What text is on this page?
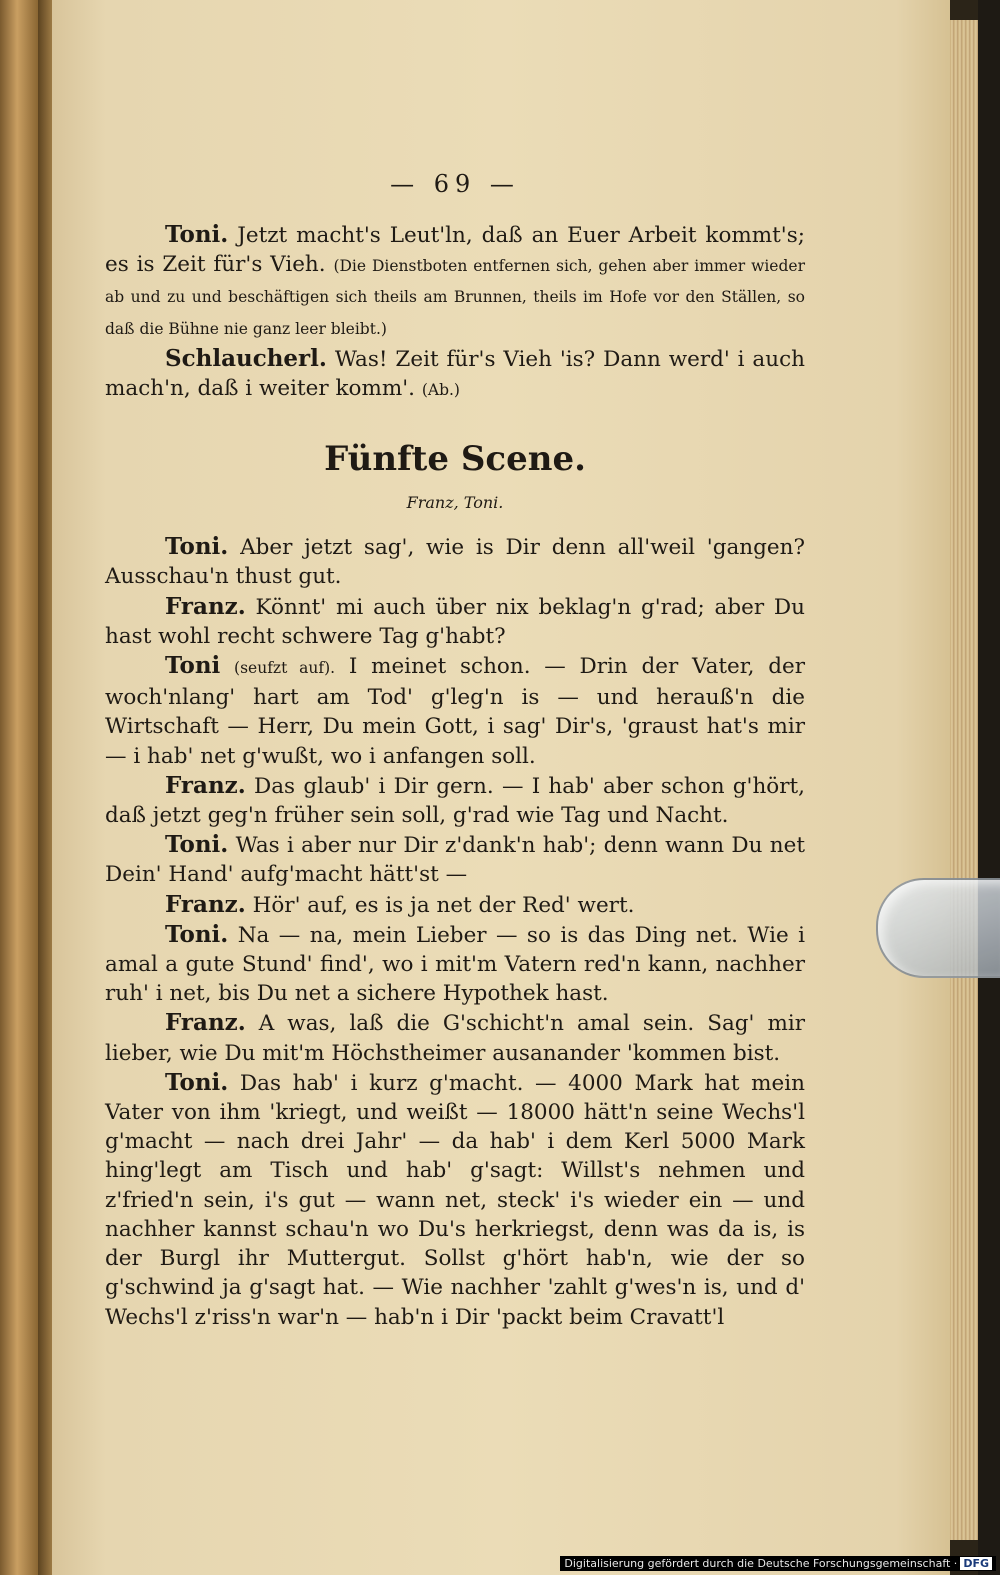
— 69 —

Toni. Jetzt macht's Leut'ln, daß an Euer Arbeit kommt's; es is Zeit für's Vieh. (Die Dienstboten entfernen sich, gehen aber immer wieder ab und zu und beschäftigen sich theils am Brunnen, theils im Hofe vor den Ställen, so daß die Bühne nie ganz leer bleibt.)

Schlaucherl. Was! Zeit für's Vieh 'is? Dann werd' i auch mach'n, daß i weiter komm'. (Ab.)

Fünfte Scene.
Franz, Toni.

Toni. Aber jetzt sag', wie is Dir denn all'weil 'gangen? Ausschau'n thust gut.

Franz. Könnt' mi auch über nix beklag'n g'rad; aber Du hast wohl recht schwere Tag g'habt?

Toni (seufzt auf). I meinet schon. — Drin der Vater, der woch'nlang' hart am Tod' g'leg'n is — und herauß'n die Wirtschaft — Herr, Du mein Gott, i sag' Dir's, 'graust hat's mir — i hab' net g'wußt, wo i anfangen soll.

Franz. Das glaub' i Dir gern. — I hab' aber schon g'hört, daß jetzt geg'n früher sein soll, g'rad wie Tag und Nacht.

Toni. Was i aber nur Dir z'dank'n hab'; denn wann Du net Dein' Hand' aufg'macht hätt'st —

Franz. Hör' auf, es is ja net der Red' wert.

Toni. Na — na, mein Lieber — so is das Ding net. Wie i amal a gute Stund' find', wo i mit'm Vatern red'n kann, nachher ruh' i net, bis Du net a sichere Hypothek hast.

Franz. A was, laß die G'schicht'n amal sein. Sag' mir lieber, wie Du mit'm Höchstheimer ausanander 'kommen bist.

Toni. Das hab' i kurz g'macht. — 4000 Mark hat mein Vater von ihm 'kriegt, und weißt — 18000 hätt'n seine Wechs'l g'macht — nach drei Jahr' — da hab' i dem Kerl 5000 Mark hing'legt am Tisch und hab' g'sagt: Willst's nehmen und z'fried'n sein, i's gut — wann net, steck' i's wieder ein — und nachher kannst schau'n wo Du's herkriegst, denn was da is, is der Burgl ihr Muttergut. Sollst g'hört hab'n, wie der so g'schwind ja g'sagt hat. — Wie nachher 'zahlt g'wes'n is, und d' Wechs'l z'riss'n war'n — hab'n i Dir 'packt beim Cravatt'l

Digitalisierung gefördert durch die Deutsche Forschungsgemeinschaft · DFG
